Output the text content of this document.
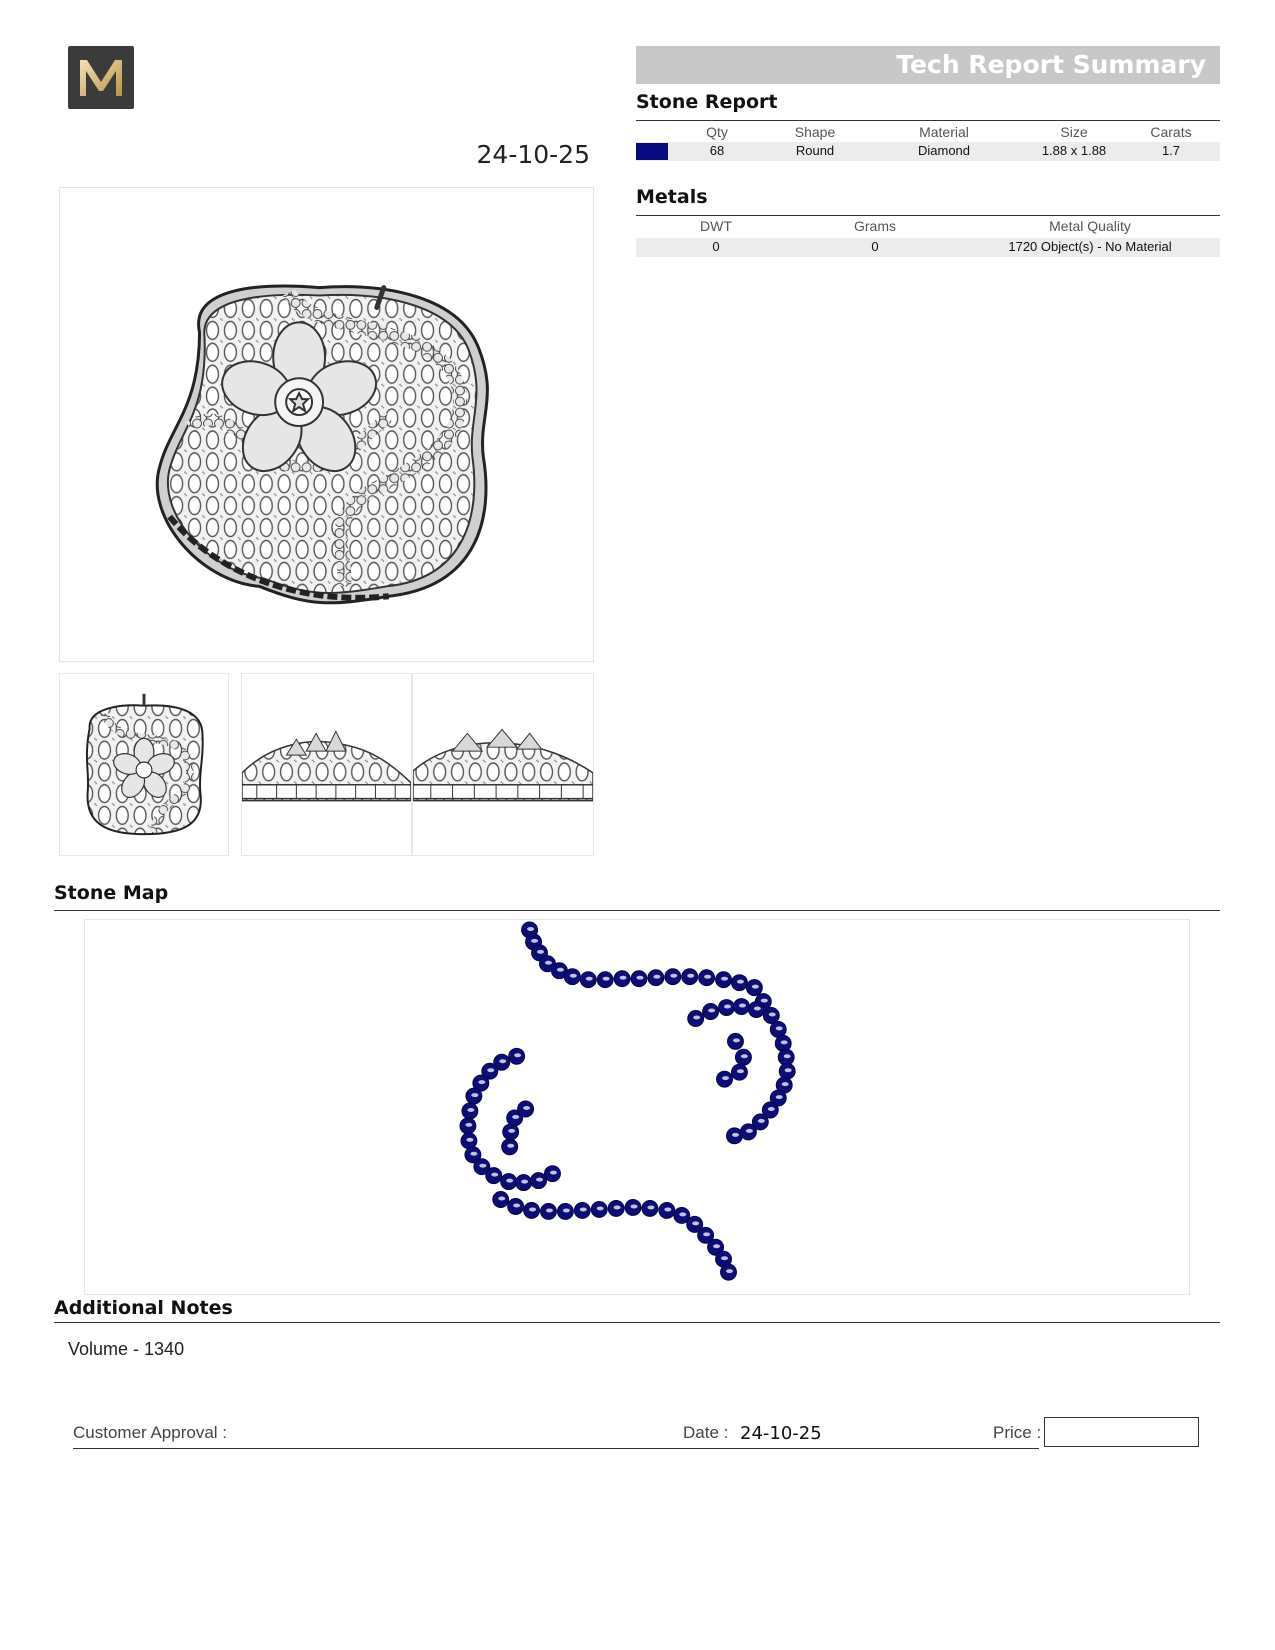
24-10-25
Tech Report Summary
Stone Report
Qty	Shape	Material	Size	Carats
68	Round	Diamond	1.88 x 1.88	1.7
Metals
DWT	Grams	Metal Quality
0	0	1720 Object(s) - No Material
Stone Map
Additional Notes
Volume - 1340
Customer Approval :	Date : 24-10-25	Price :
